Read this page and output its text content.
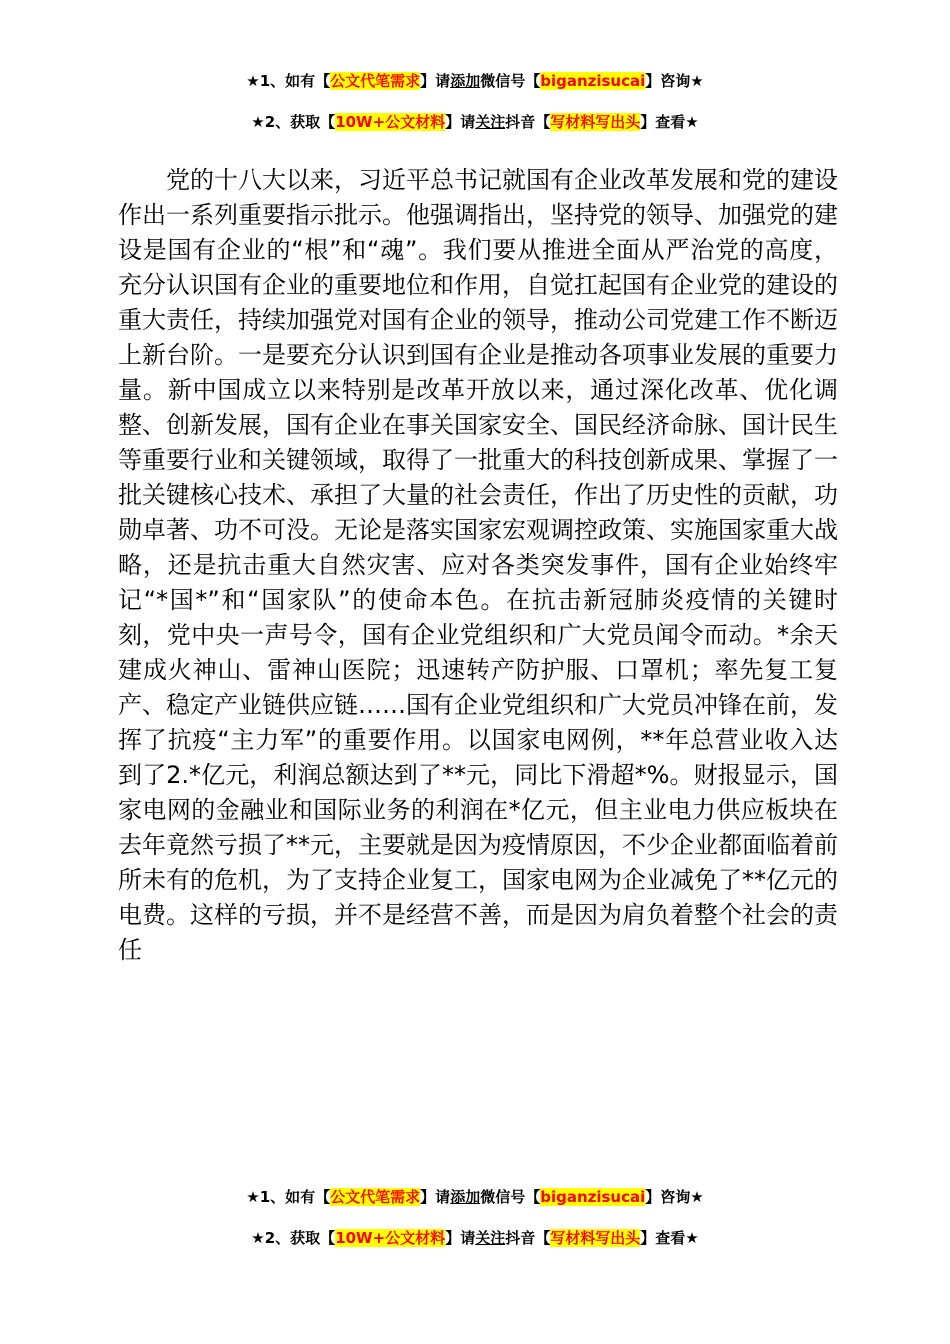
★1、如有【公文代笔需求】请添加微信号【biganzisucai】咨询★
★2、获取【10W+公文材料】请关注抖音【写材料写出头】查看★

党的十八大以来，习近平总书记就国有企业改革发展和党的建设作出一系列重要指示批示。他强调指出，坚持党的领导、加强党的建设是国有企业的“根”和“魂”。我们要从推进全面从严治党的高度，充分认识国有企业的重要地位和作用，自觉扛起国有企业党的建设的重大责任，持续加强党对国有企业的领导，推动公司党建工作不断迈上新台阶。一是要充分认识到国有企业是推动各项事业发展的重要力量。新中国成立以来特别是改革开放以来，通过深化改革、优化调整、创新发展，国有企业在事关国家安全、国民经济命脉、国计民生等重要行业和关键领域，取得了一批重大的科技创新成果、掌握了一批关键核心技术、承担了大量的社会责任，作出了历史性的贡献，功勋卓著、功不可没。无论是落实国家宏观调控政策、实施国家重大战略，还是抗击重大自然灾害、应对各类突发事件，国有企业始终牢记“*国*”和“国家队”的使命本色。在抗击新冠肺炎疫情的关键时刻，党中央一声号令，国有企业党组织和广大党员闻令而动。*余天建成火神山、雷神山医院；迅速转产防护服、口罩机；率先复工复产、稳定产业链供应链……国有企业党组织和广大党员冲锋在前，发挥了抗疫“主力军”的重要作用。以国家电网例，**年总营业收入达到了2.*亿元，利润总额达到了**元，同比下滑超*%。财报显示，国家电网的金融业和国际业务的利润在*亿元，但主业电力供应板块在去年竟然亏损了**元，主要就是因为疫情原因，不少企业都面临着前所未有的危机，为了支持企业复工，国家电网为企业减免了**亿元的电费。这样的亏损，并不是经营不善，而是因为肩负着整个社会的责任

★1、如有【公文代笔需求】请添加微信号【biganzisucai】咨询★
★2、获取【10W+公文材料】请关注抖音【写材料写出头】查看★
